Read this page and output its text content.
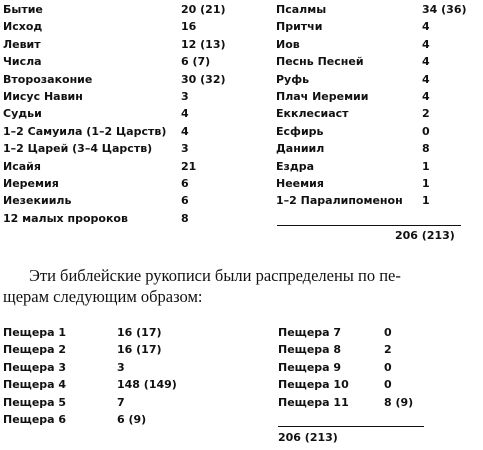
Бытие	20 (21)
Исход	16
Левит	12 (13)
Числа	6 (7)
Второзаконие	30 (32)
Иисус Навин	3
Судьи	4
1–2 Самуила (1–2 Царств)	4
1–2 Царей (3–4 Царств)	3
Исайя	21
Иеремия	6
Иезекииль	6
12 малых пророков	8
Псалмы	34 (36)
Притчи	4
Иов	4
Песнь Песней	4
Руфь	4
Плач Иеремии	4
Екклесиаст	2
Есфирь	0
Даниил	8
Ездра	1
Неемия	1
1–2 Паралипоменон	1
206 (213)
Эти библейские рукописи были распределены по пе-
щерам следующим образом:
Пещера 1	16 (17)
Пещера 2	16 (17)
Пещера 3	3
Пещера 4	148 (149)
Пещера 5	7
Пещера 6	6 (9)
Пещера 7	0
Пещера 8	2
Пещера 9	0
Пещера 10	0
Пещера 11	8 (9)
206 (213)
